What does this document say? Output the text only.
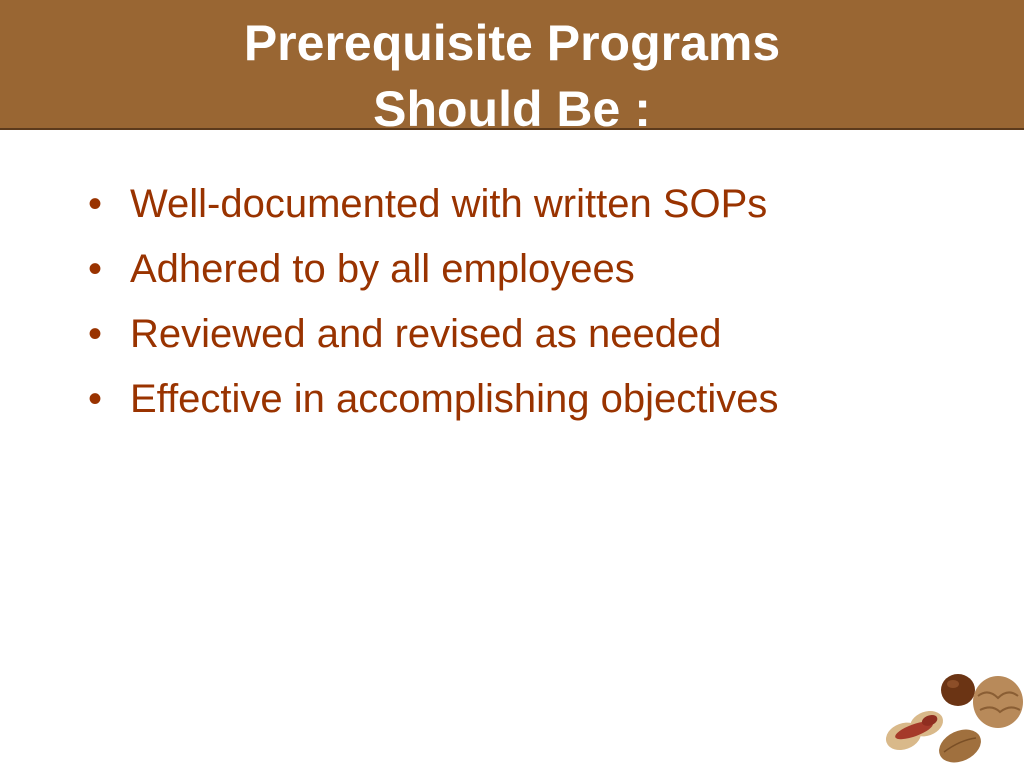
Prerequisite Programs
Should Be :
• Well-documented with written SOPs
• Adhered to by all employees
• Reviewed and revised as needed
• Effective in accomplishing objectives
